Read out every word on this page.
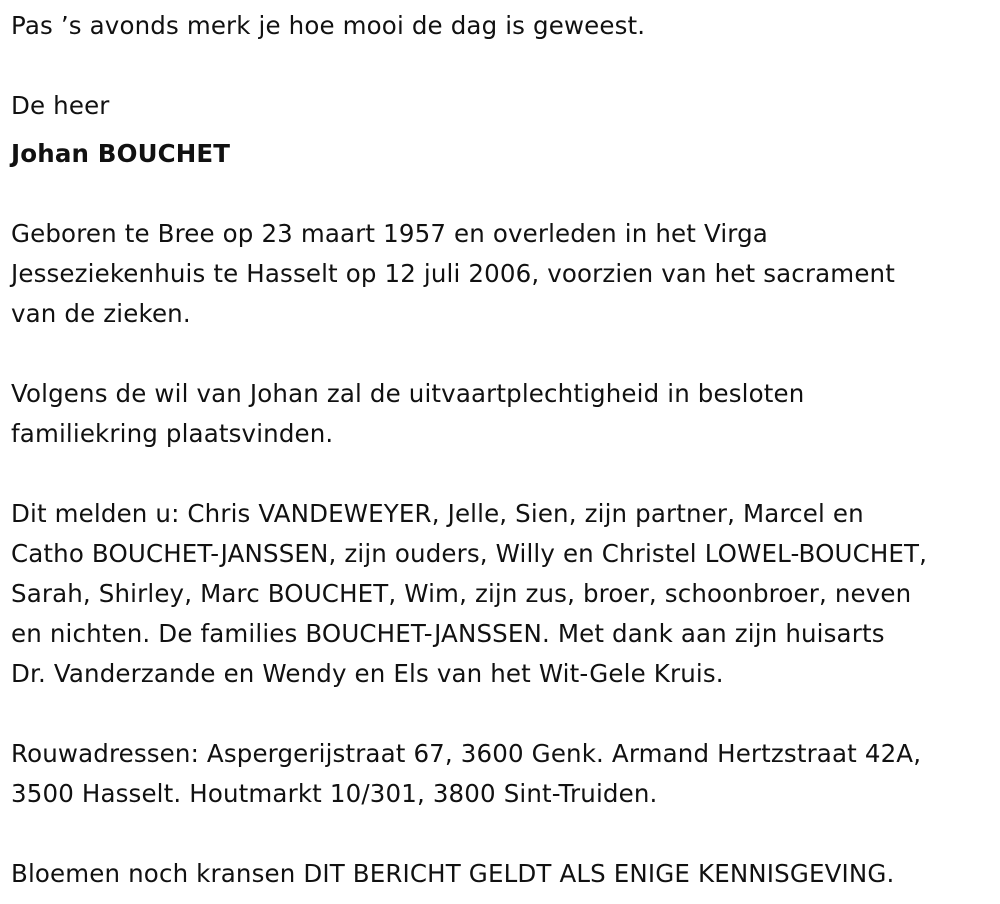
Pas ’s avonds merk je hoe mooi de dag is geweest.
De heer
Johan BOUCHET
Geboren te Bree op 23 maart 1957 en overleden in het Virga
Jesseziekenhuis te Hasselt op 12 juli 2006, voorzien van het sacrament
van de zieken.
Volgens de wil van Johan zal de uitvaartplechtigheid in besloten
familiekring plaatsvinden.
Dit melden u: Chris VANDEWEYER, Jelle, Sien, zijn partner, Marcel en
Catho BOUCHET-JANSSEN, zijn ouders, Willy en Christel LOWEL-BOUCHET,
Sarah, Shirley, Marc BOUCHET, Wim, zijn zus, broer, schoonbroer, neven
en nichten. De families BOUCHET-JANSSEN. Met dank aan zijn huisarts
Dr. Vanderzande en Wendy en Els van het Wit-Gele Kruis.
Rouwadressen: Aspergerijstraat 67, 3600 Genk. Armand Hertzstraat 42A,
3500 Hasselt. Houtmarkt 10/301, 3800 Sint-Truiden.
Bloemen noch kransen DIT BERICHT GELDT ALS ENIGE KENNISGEVING.
